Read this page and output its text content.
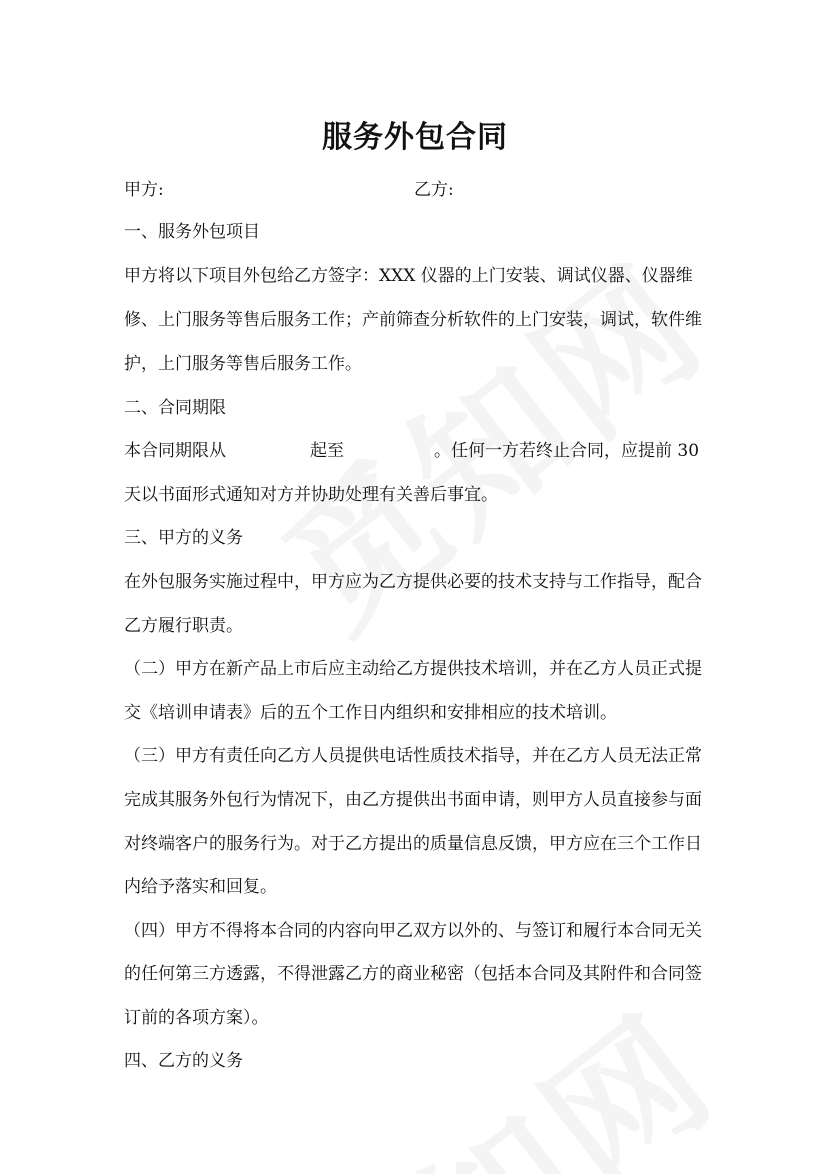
服务外包合同
甲方:	乙方:
一、服务外包项目
甲方将以下项目外包给乙方签字：XXX 仪器的上门安装、调试仪器、仪器维
修、上门服务等售后服务工作；产前筛查分析软件的上门安装，调试，软件维
护，上门服务等售后服务工作。
二、合同期限
本合同期限从	起至	。任何一方若终止合同，应提前 30
天以书面形式通知对方并协助处理有关善后事宜。
三、甲方的义务
在外包服务实施过程中，甲方应为乙方提供必要的技术支持与工作指导，配合
乙方履行职责。
（二）甲方在新产品上市后应主动给乙方提供技术培训，并在乙方人员正式提
交《培训申请表》后的五个工作日内组织和安排相应的技术培训。
（三）甲方有责任向乙方人员提供电话性质技术指导，并在乙方人员无法正常
完成其服务外包行为情况下，由乙方提供出书面申请，则甲方人员直接参与面
对终端客户的服务行为。对于乙方提出的质量信息反馈，甲方应在三个工作日
内给予落实和回复。
（四）甲方不得将本合同的内容向甲乙双方以外的、与签订和履行本合同无关
的任何第三方透露，不得泄露乙方的商业秘密（包括本合同及其附件和合同签
订前的各项方案）。
四、乙方的义务
